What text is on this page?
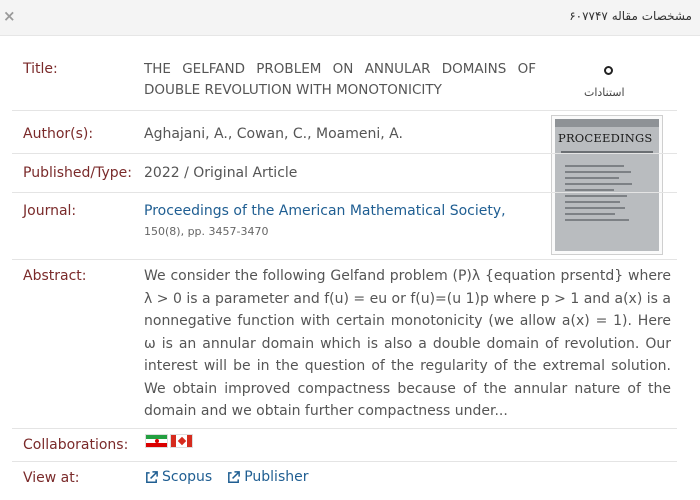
×	مشخصات مقاله ۶۰۷۷۴۷
Title:	THE GELFAND PROBLEM ON ANNULAR DOMAINS OF DOUBLE REVOLUTION WITH MONOTONICITY	استنادات
PROCEEDINGS
Author(s):	Aghajani, A., Cowan, C., Moameni, A.
Published/Type: 2022 / Original Article
Journal:	Proceedings of the American Mathematical Society,
150(8), pp. 3457-3470
Abstract:	We consider the following Gelfand problem (P)λ {equation prsentd} where λ > 0 is a parameter and f(u) = eu or f(u)=(u 1)p where p > 1 and a(x) is a nonnegative function with certain monotonicity (we allow a(x) = 1). Here ω is an annular domain which is also a double domain of revolution. Our interest will be in the question of the regularity of the extremal solution. We obtain improved compactness because of the annular nature of the domain and we obtain further compactness under...
Collaborations:
View at:	Scopus Publisher
